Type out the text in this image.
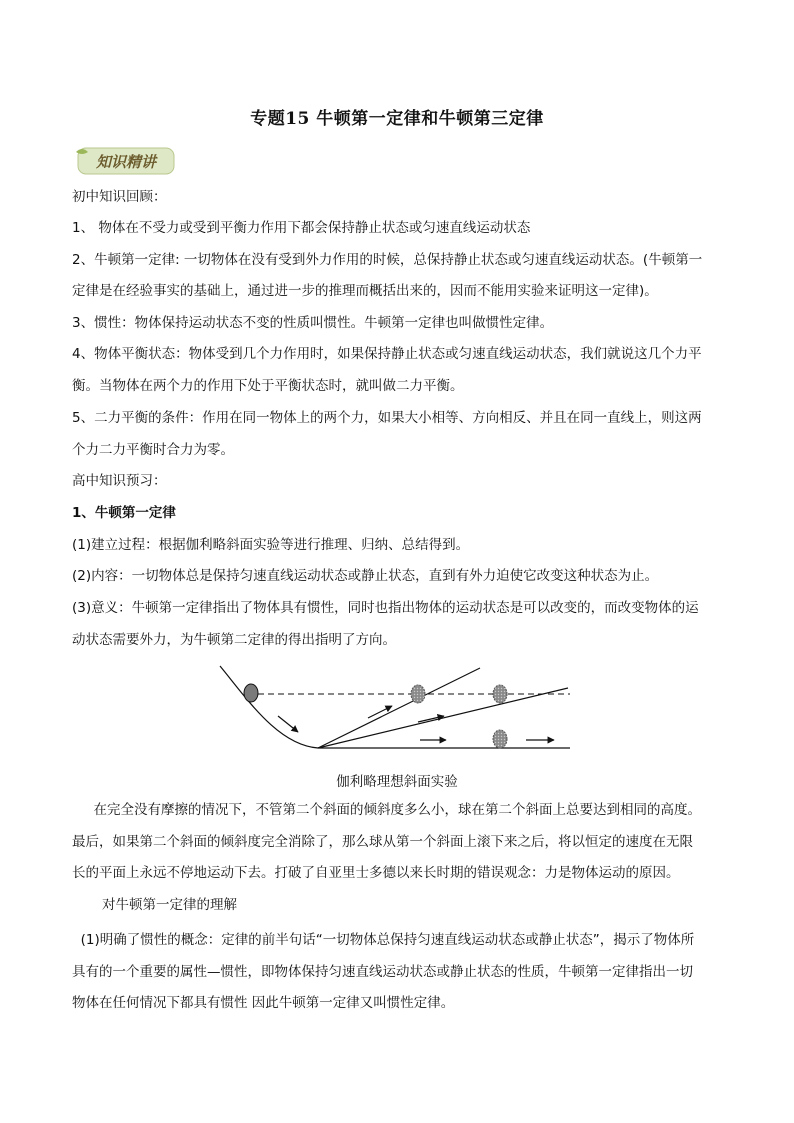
专题15 牛顿第一定律和牛顿第三定律
知识精讲
初中知识回顾：
1、 物体在不受力或受到平衡力作用下都会保持静止状态或匀速直线运动状态
2、牛顿第一定律: 一切物体在没有受到外力作用的时候，总保持静止状态或匀速直线运动状态。(牛顿第一
定律是在经验事实的基础上，通过进一步的推理而概括出来的，因而不能用实验来证明这一定律)。
3、惯性：物体保持运动状态不变的性质叫惯性。牛顿第一定律也叫做惯性定律。
4、物体平衡状态：物体受到几个力作用时，如果保持静止状态或匀速直线运动状态，我们就说这几个力平
衡。当物体在两个力的作用下处于平衡状态时，就叫做二力平衡。
5、二力平衡的条件：作用在同一物体上的两个力，如果大小相等、方向相反、并且在同一直线上，则这两
个力二力平衡时合力为零。
高中知识预习：
1、牛顿第一定律
(1)建立过程：根据伽利略斜面实验等进行推理、归纳、总结得到。
(2)内容：一切物体总是保持匀速直线运动状态或静止状态，直到有外力迫使它改变这种状态为止。
(3)意义：牛顿第一定律指出了物体具有惯性，同时也指出物体的运动状态是可以改变的，而改变物体的运
动状态需要外力，为牛顿第二定律的得出指明了方向。
伽利略理想斜面实验
在完全没有摩擦的情况下，不管第二个斜面的倾斜度多么小，球在第二个斜面上总要达到相同的高度。
最后，如果第二个斜面的倾斜度完全消除了，那么球从第一个斜面上滚下来之后，将以恒定的速度在无限
长的平面上永远不停地运动下去。打破了自亚里士多德以来长时期的错误观念：力是物体运动的原因。
对牛顿第一定律的理解
(1)明确了惯性的概念：定律的前半句话“一切物体总保持匀速直线运动状态或静止状态”，揭示了物体所
具有的一个重要的属性—惯性，即物体保持匀速直线运动状态或静止状态的性质，牛顿第一定律指出一切
物体在任何情况下都具有惯性 因此牛顿第一定律又叫惯性定律。
